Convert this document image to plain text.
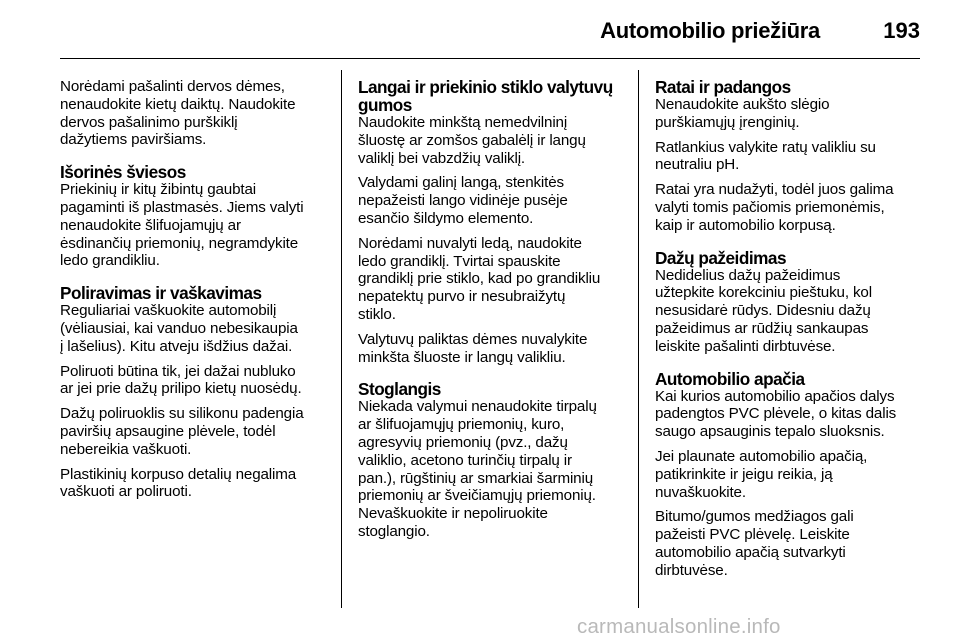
Automobilio priežiūra	193
Norėdami pašalinti dervos dėmes,
nenaudokite kietų daiktų. Naudokite
dervos pašalinimo purškiklį
dažytiems paviršiams.
Išorinės šviesos
Priekinių ir kitų žibintų gaubtai
pagaminti iš plastmasės. Jiems valyti
nenaudokite šlifuojamųjų ar
ėsdinančių priemonių, negramdykite
ledo grandikliu.
Poliravimas ir vaškavimas
Reguliariai vaškuokite automobilį
(vėliausiai, kai vanduo nebesikaupia
į lašelius). Kitu atveju išdžius dažai.
Poliruoti būtina tik, jei dažai nubluko
ar jei prie dažų prilipo kietų nuosėdų.
Dažų poliruoklis su silikonu padengia
paviršių apsaugine plėvele, todėl
nebereikia vaškuoti.
Plastikinių korpuso detalių negalima
vaškuoti ar poliruoti.
Langai ir priekinio stiklo valytuvų
gumos
Naudokite minkštą nemedvilninį
šluostę ar zomšos gabalėlį ir langų
valiklį bei vabzdžių valiklį.
Valydami galinį langą, stenkitės
nepažeisti lango vidinėje pusėje
esančio šildymo elemento.
Norėdami nuvalyti ledą, naudokite
ledo grandiklį. Tvirtai spauskite
grandiklį prie stiklo, kad po grandikliu
nepatektų purvo ir nesubraižytų
stiklo.
Valytuvų paliktas dėmes nuvalykite
minkšta šluoste ir langų valikliu.
Stoglangis
Niekada valymui nenaudokite tirpalų
ar šlifuojamųjų priemonių, kuro,
agresyvių priemonių (pvz., dažų
valiklio, acetono turinčių tirpalų ir
pan.), rūgštinių ar smarkiai šarminių
priemonių ar šveičiamųjų priemonių.
Nevaškuokite ir nepoliruokite
stoglangio.
Ratai ir padangos
Nenaudokite aukšto slėgio
purškiamųjų įrenginių.
Ratlankius valykite ratų valikliu su
neutraliu pH.
Ratai yra nudažyti, todėl juos galima
valyti tomis pačiomis priemonėmis,
kaip ir automobilio korpusą.
Dažų pažeidimas
Nedidelius dažų pažeidimus
užtepkite korekciniu pieštuku, kol
nesusidarė rūdys. Didesniu dažų
pažeidimus ar rūdžių sankaupas
leiskite pašalinti dirbtuvėse.
Automobilio apačia
Kai kurios automobilio apačios dalys
padengtos PVC plėvele, o kitas dalis
saugo apsauginis tepalo sluoksnis.
Jei plaunate automobilio apačią,
patikrinkite ir jeigu reikia, ją
nuvaškuokite.
Bitumo/gumos medžiagos gali
pažeisti PVC plėvelę. Leiskite
automobilio apačią sutvarkyti
dirbtuvėse.
carmanualsonline.info
